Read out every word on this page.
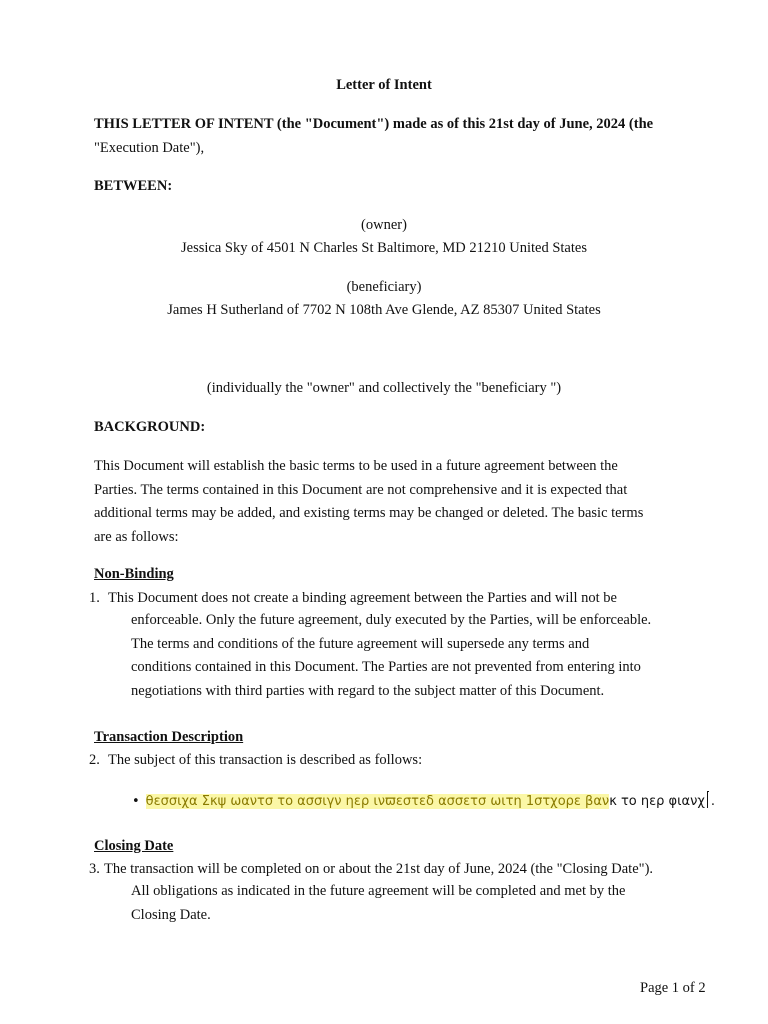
Letter of Intent
THIS LETTER OF INTENT (the "Document") made as of this 21st day of June, 2024 (the
"Execution Date"),
BETWEEN:
(owner)
Jessica Sky of 4501 N Charles St Baltimore, MD 21210 United States
(beneficiary)
James H Sutherland of 7702 N 108th Ave Glende, AZ 85307 United States
(individually the "owner" and collectively the "beneficiary ")
BACKGROUND:
This Document will establish the basic terms to be used in a future agreement between the
Parties. The terms contained in this Document are not comprehensive and it is expected that
additional terms may be added, and existing terms may be changed or deleted. The basic terms
are as follows:
Non-Binding
1. This Document does not create a binding agreement between the Parties and will not be
enforceable. Only the future agreement, duly executed by the Parties, will be enforceable.
The terms and conditions of the future agreement will supersede any terms and
conditions contained in this Document. The Parties are not prevented from entering into
negotiations with third parties with regard to the subject matter of this Document.
Transaction Description
2. The subject of this transaction is described as follows:
• θεσσιχα Σκψ ωαντσ το ασσιγν ηερ ινϖεστεδ ασσετσ ωιτη 1στχορε βανκ το ηερ φιανχ .
Closing Date
3. The transaction will be completed on or about the 21st day of June, 2024 (the "Closing Date").
All obligations as indicated in the future agreement will be completed and met by the
Closing Date.
Page 1 of 2
